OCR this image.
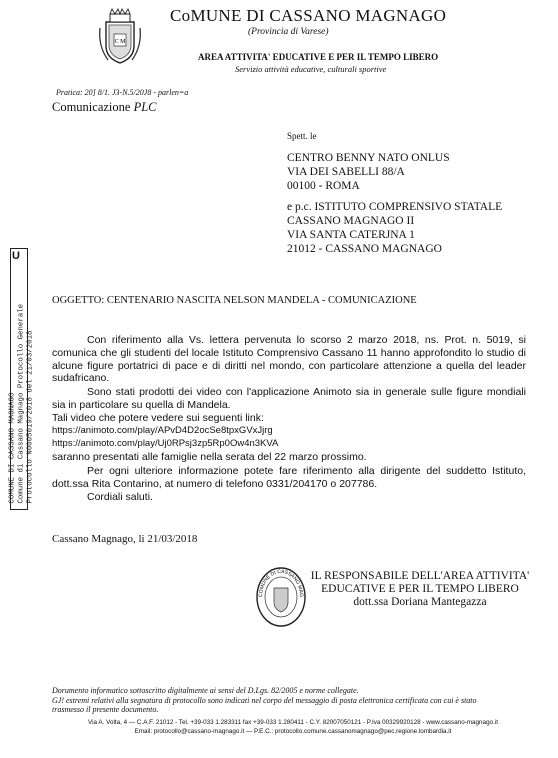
C M
CoMUNE DI CASSANO MAGNAGO
(Provincia di Varese)
AREA ATTIVITA' EDUCATIVE E PER IL TEMPO LIBERO
Servizio attività educative, culturali sportive
Pratica: 20] 8/1. J3-N.5/20J8 - parlen=a
Comunicazione PLC
Spett. le
CENTRO BENNY NATO ONLUS
VIA DEI SABELLI 88/A
00100 - ROMA
e p.c. ISTITUTO COMPRENSIVO STATALE
CASSANO MAGNAGO II
VIA SANTA CATERJNA 1
21012 - CASSANO MAGNAGO
OGGETTO: CENTENARIO NASCITA NELSON MANDELA - COMUNICAZIONE
Con riferimento alla Vs. lettera pervenuta lo scorso 2 marzo 2018, ns. Prot. n. 5019, si comunica che gli studenti del locale Istituto Comprensivo Cassano 11 hanno approfondito lo studio di alcune figure portatrici di pace e di diritti nel mondo, con particolare attenzione a quella del leader sudafricano.
Sono stati prodotti dei video con l'applicazione Animoto sia in generale sulle figure mondiali sia in particolare su quella di Mandela.
Tali video che potere vedere sui seguenti link:
https://animoto.com/play/APvD4D2ocSe8tpxGVxJjrg
https://animoto.com/play/Uj0RPsj3zp5Rp0Ow4n3KVA
saranno presentati alle famiglie nella serata del 22 marzo prossimo.
Per ogni ulteriore informazione potete fare riferimento alla dirigente del suddetto Istituto, dott.ssa Rita Contarino, at numero di telefono 0331/204170 o 207786.
Cordiali saluti.
Cassano Magnago, li 21/03/2018
COMUNE DI CASSANO MAG
IL RESPONSABILE DELL'AREA ATTIVITA'
EDUCATIVE E PER IL TEMPO LIBERO
dott.ssa Doriana Mantegazza
Dorumento informatico sottoscritto digitalmente ai sensi del D.Lgs. 82/2005 e norme collegate.
GJ! estremi relativi alla segnatura di protocollo sono indicati nel corpo del messaggio di posta elettronica certificata con cui è stato
trasmesso il presente documento.
Via A. Volta, 4 — C.A.F. 21012 - Tel. +39-033 1.283311 fax +39-033 1.280411 - C.Y. 82007050121 - P.Iva 00329920128 - www.cassano-magnago.it
Email: protocollo@cassano-magnago.it — P.E.C.: protocollo.comune.cassanomagnago@pec.regione.lombardia.it
U
COMUNE DI CASSANO MAGNAGO Comune di Cassano Magnago Protocollo Generale Protocollo N0005019/2018 del 21/03/2018
